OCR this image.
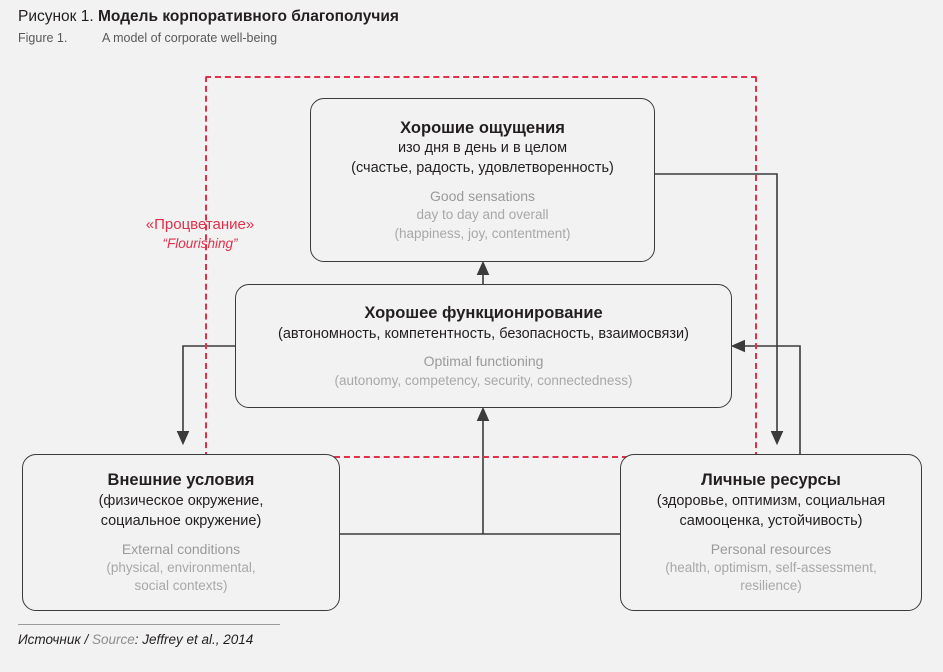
Рисунок 1. Модель корпоративного благополучия
Figure 1.	A model of corporate well-being
«Процветание»
“Flourishing”
Хорошие ощущения
изо дня в день и в целом
(счастье, радость, удовлетворенность)
Good sensations
day to day and overall
(happiness, joy, contentment)
Хорошее функционирование
(автономность, компетентность, безопасность, взаимосвязи)
Optimal functioning
(autonomy, competency, security, connectedness)
Внешние условия
(физическое окружение,
социальное окружение)
External conditions
(physical, environmental,
social contexts)
Личные ресурсы
(здоровье, оптимизм, социальная
самооценка, устойчивость)
Personal resources
(health, optimism, self-assessment,
resilience)
Источник / Source: Jeffrey et al., 2014
